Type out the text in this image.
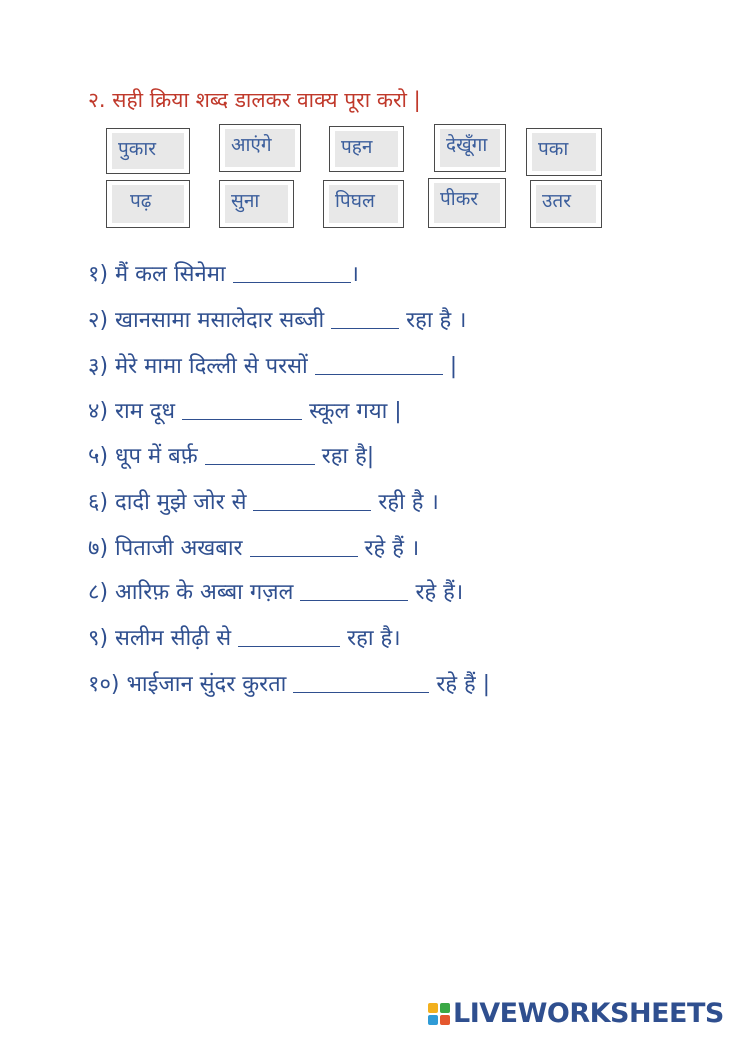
२. सही क्रिया शब्द डालकर वाक्य पूरा करो |
पुकार	आएंगे	पहन	देखूँगा	पका
पढ़	सुना	पिघल	पीकर	उतर
१) मैं कल सिनेमा	।
२) खानसामा मसालेदार सब्जी	रहा है ।
३) मेरे मामा दिल्ली से परसों	|
४) राम दूध	स्कूल गया |
५) धूप में बर्फ़	रहा है|
६) दादी मुझे जोर से	रही है ।
७) पिताजी अखबार	रहे हैं ।
८) आरिफ़ के अब्बा गज़ल	रहे हैं।
९) सलीम सीढ़ी से	रहा है।
१०) भाईजान सुंदर कुरता	रहे हैं |
LIVEWORKSHEETS
